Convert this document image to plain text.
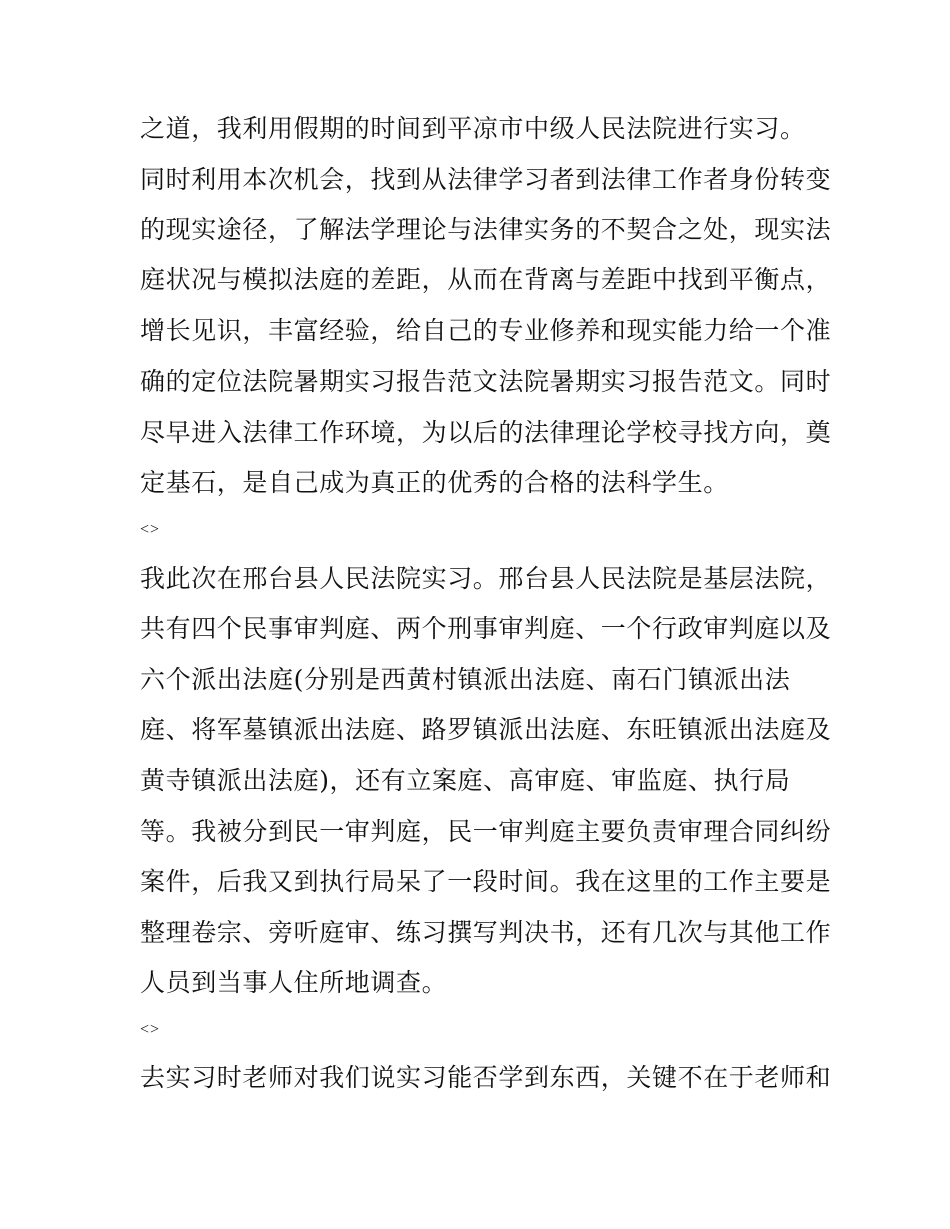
之道，我利用假期的时间到平凉市中级人民法院进行实习。
同时利用本次机会，找到从法律学习者到法律工作者身份转变
的现实途径，了解法学理论与法律实务的不契合之处，现实法
庭状况与模拟法庭的差距，从而在背离与差距中找到平衡点，
增长见识，丰富经验，给自己的专业修养和现实能力给一个准
确的定位法院暑期实习报告范文法院暑期实习报告范文。同时
尽早进入法律工作环境，为以后的法律理论学校寻找方向，奠
定基石，是自己成为真正的优秀的合格的法科学生。
<>
我此次在邢台县人民法院实习。邢台县人民法院是基层法院，
共有四个民事审判庭、两个刑事审判庭、一个行政审判庭以及
六个派出法庭(分别是西黄村镇派出法庭、南石门镇派出法
庭、将军墓镇派出法庭、路罗镇派出法庭、东旺镇派出法庭及
黄寺镇派出法庭)，还有立案庭、高审庭、审监庭、执行局
等。我被分到民一审判庭，民一审判庭主要负责审理合同纠纷
案件，后我又到执行局呆了一段时间。我在这里的工作主要是
整理卷宗、旁听庭审、练习撰写判决书，还有几次与其他工作
人员到当事人住所地调查。
<>
去实习时老师对我们说实习能否学到东西，关键不在于老师和
